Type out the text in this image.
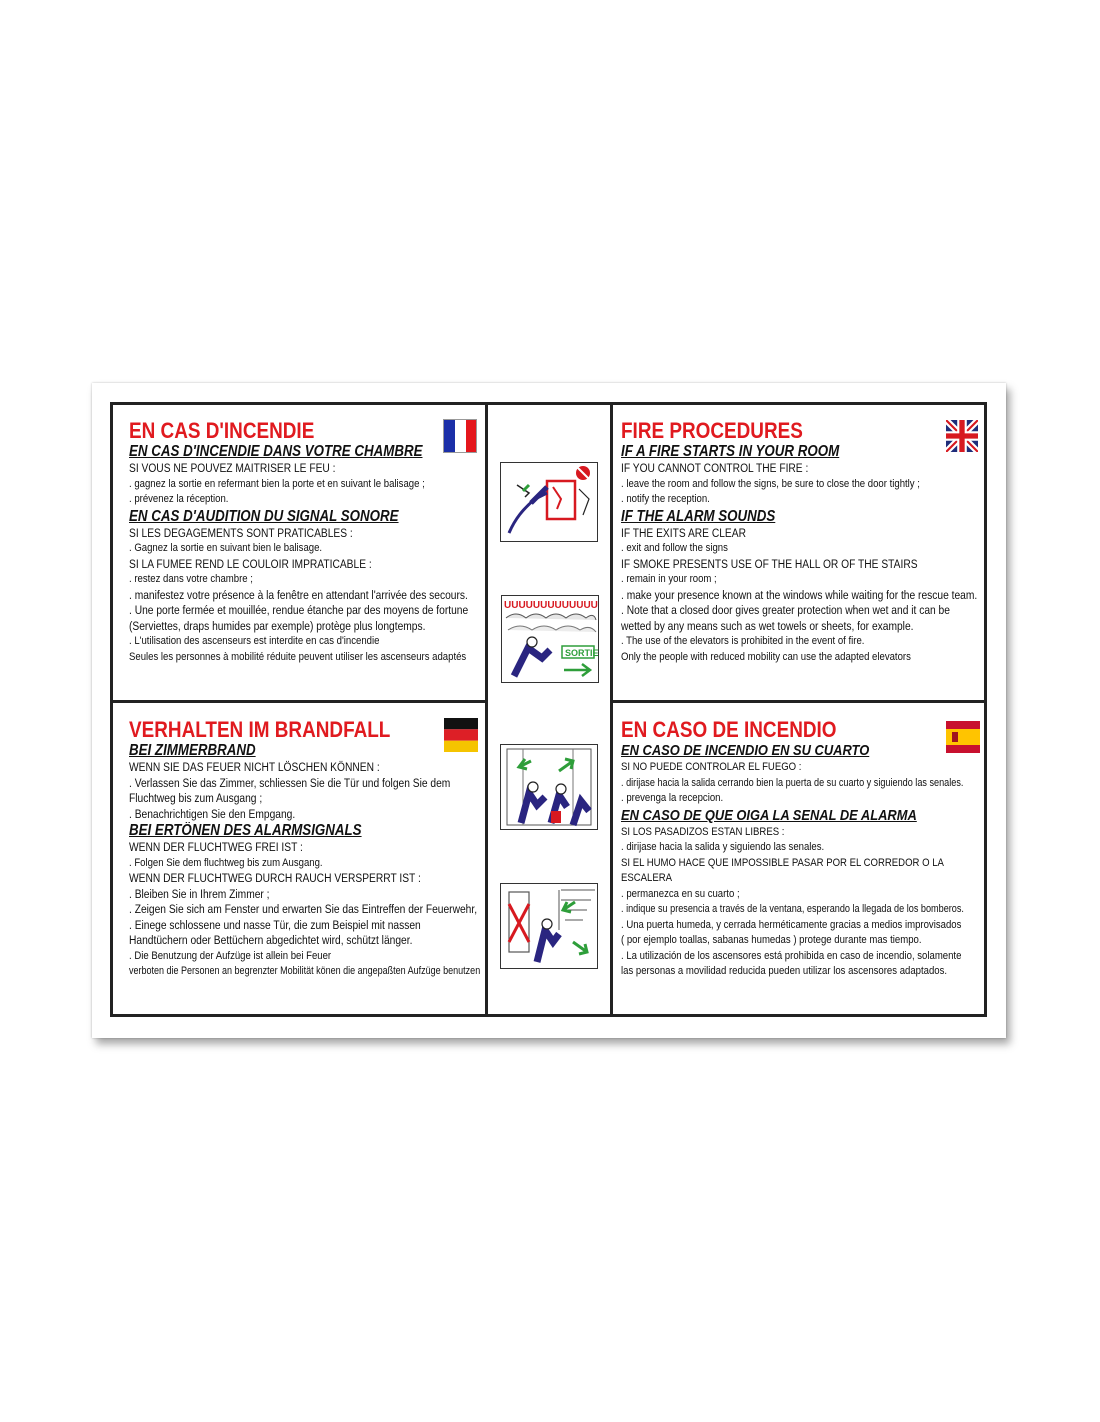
EN CAS D'INCENDIE
EN CAS D'INCENDIE DANS VOTRE CHAMBRE
SI VOUS NE POUVEZ MAITRISER LE FEU :
. gagnez la sortie en refermant bien la porte et en suivant le balisage ;
. prévenez la réception.
EN CAS D'AUDITION DU SIGNAL SONORE
SI LES DEGAGEMENTS SONT PRATICABLES :
. Gagnez la sortie en suivant bien le balisage.
SI LA FUMEE REND LE COULOIR IMPRATICABLE :
. restez dans votre chambre ;
. manifestez votre présence à la fenêtre en attendant l'arrivée des secours.
. Une porte fermée et mouillée, rendue étanche par des moyens de fortune
(Serviettes, draps humides par exemple) protège plus longtemps.
. L'utilisation des ascenseurs est interdite en cas d'incendie
Seules les personnes à mobilité réduite peuvent utiliser les ascenseurs adaptés
FIRE PROCEDURES
IF A FIRE STARTS IN YOUR ROOM
IF YOU CANNOT CONTROL THE FIRE :
. leave the room and follow the signs, be sure to close the door tightly ;
. notify the reception.
IF THE ALARM SOUNDS
IF THE EXITS ARE CLEAR
. exit and follow the signs
IF SMOKE PRESENTS USE OF THE HALL OR OF THE STAIRS
. remain in your room ;
. make your presence known at the windows while waiting for the rescue team.
. Note that a closed door gives greater protection when wet and it can be
wetted by any means such as wet towels or sheets, for example.
. The use of the elevators is prohibited in the event of fire.
Only the people with reduced mobility can use the adapted elevators
VERHALTEN IM BRANDFALL
BEI ZIMMERBRAND
WENN SIE DAS FEUER NICHT LÖSCHEN KÖNNEN :
. Verlassen Sie das Zimmer, schliessen Sie die Tür und folgen Sie dem
Fluchtweg bis zum Ausgang ;
. Benachrichtigen Sie den Empgang.
BEI ERTÖNEN DES ALARMSIGNALS
WENN DER FLUCHTWEG FREI IST :
. Folgen Sie dem fluchtweg bis zum Ausgang.
WENN DER FLUCHTWEG DURCH RAUCH VERSPERRT IST :
. Bleiben Sie in Ihrem Zimmer ;
. Zeigen Sie sich am Fenster und erwarten Sie das Eintreffen der Feuerwehr,
. Einege schlossene und nasse Tür, die zum Beispiel mit nassen
Handtüchern oder Bettüchern abgedichtet wird, schützt länger.
. Die Benutzung der Aufzüge ist allein bei Feuer
verboten die Personen an begrenzter Mobilität könen die angepaßten Aufzüge benutzen
EN CASO DE INCENDIO
EN CASO DE INCENDIO EN SU CUARTO
SI NO PUEDE CONTROLAR EL FUEGO :
. dirijase hacia la salida cerrando bien la puerta de su cuarto y siguiendo las senales.
. prevenga la recepcion.
EN CASO DE QUE OIGA LA SENAL DE ALARMA
SI LOS PASADIZOS ESTAN LIBRES :
. dirijase hacia la salida y siguiendo las senales.
SI EL HUMO HACE QUE IMPOSSIBLE PASAR POR EL CORREDOR O LA
ESCALERA
. permanezca en su cuarto ;
. indique su presencia a través de la ventana, esperando la llegada de los bomberos.
. Una puerta humeda, y cerrada herméticamente gracias a medios improvisados
( por ejemplo toallas, sabanas humedas ) protege durante mas tiempo.
. La utilización de los ascensores está prohibida en caso de incendio, solamente
las personas a movilidad reducida pueden utilizar los ascensores adaptados.
UUUUUUUUUUUUU
SORTIE
